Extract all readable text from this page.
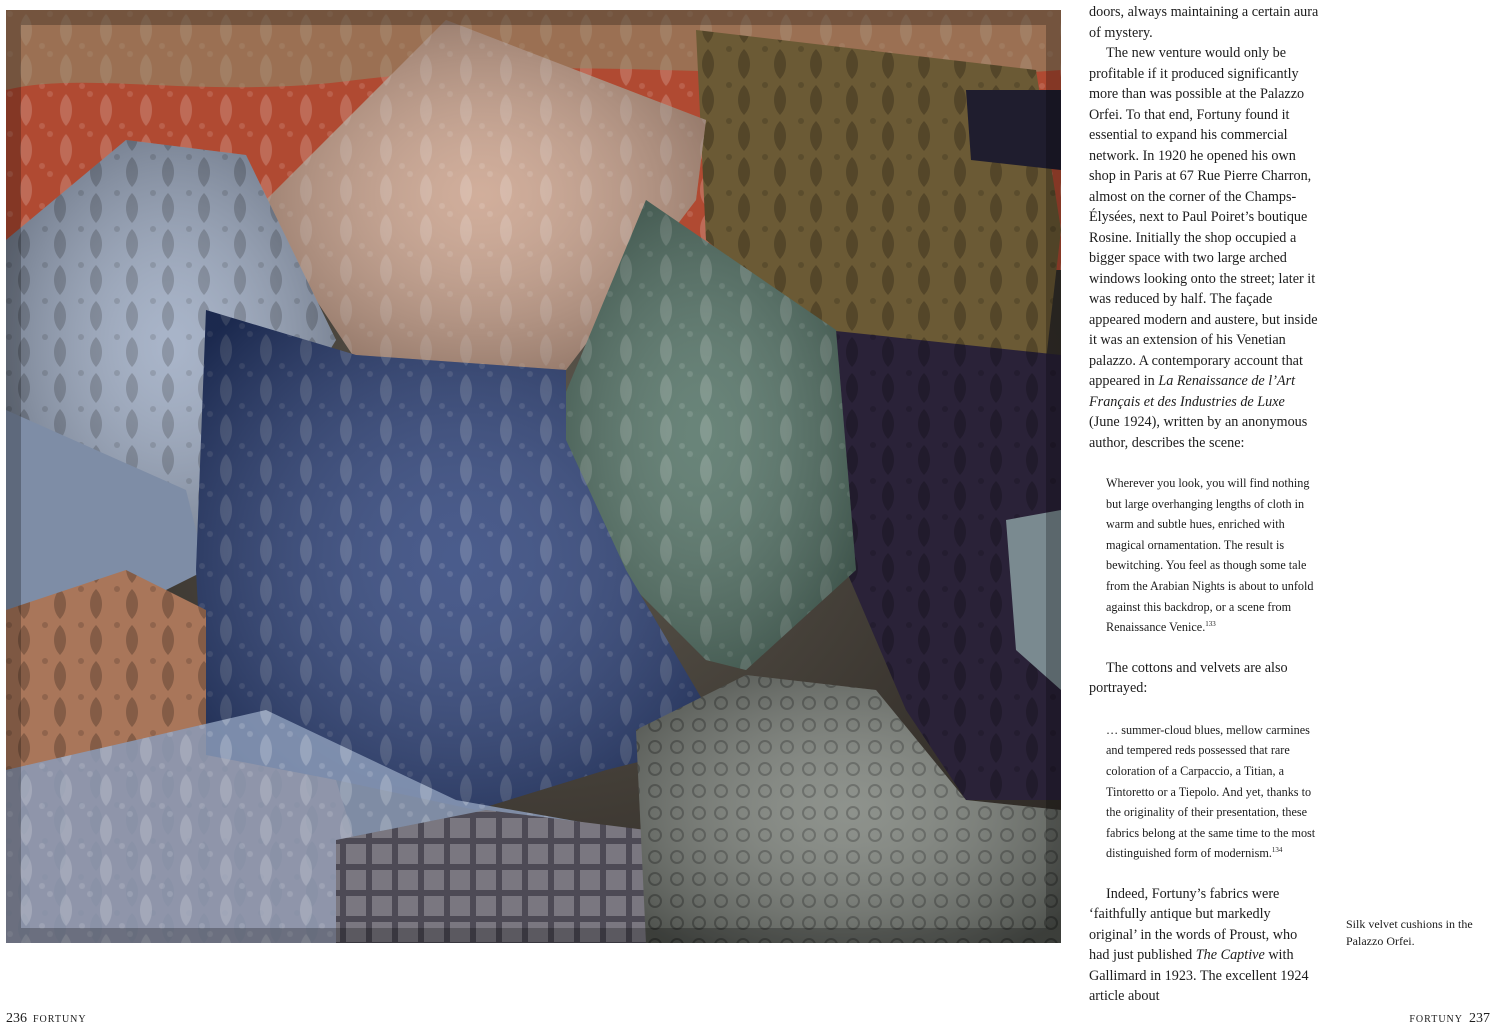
doors, always maintaining a certain aura of mystery.

The new venture would only be profitable if it produced significantly more than was possible at the Palazzo Orfei. To that end, Fortuny found it essential to expand his commercial network. In 1920 he opened his own shop in Paris at 67 Rue Pierre Charron, almost on the corner of the Champs-Élysées, next to Paul Poiret’s boutique Rosine. Initially the shop occupied a bigger space with two large arched windows looking onto the street; later it was reduced by half. The façade appeared modern and austere, but inside it was an extension of his Venetian palazzo. A contemporary account that appeared in La Renaissance de l’Art Français et des Industries de Luxe (June 1924), written by an anonymous author, describes the scene:

Wherever you look, you will find nothing but large overhanging lengths of cloth in warm and subtle hues, enriched with magical ornamentation. The result is bewitching. You feel as though some tale from the Arabian Nights is about to unfold against this backdrop, or a scene from Renaissance Venice.$^{133}$

The cottons and velvets are also portrayed:

… summer-cloud blues, mellow carmines and tempered reds possessed that rare coloration of a Carpaccio, a Titian, a Tintoretto or a Tiepolo. And yet, thanks to the originality of their presentation, these fabrics belong at the same time to the most distinguished form of modernism.$^{134}$

Indeed, Fortuny’s fabrics were ‘faithfully antique but markedly original’ in the words of Proust, who had just published The Captive with Gallimard in 1923. The excellent 1924 article about

Silk velvet cushions in the Palazzo Orfei.
236 FORTUNY	FORTUNY 237
